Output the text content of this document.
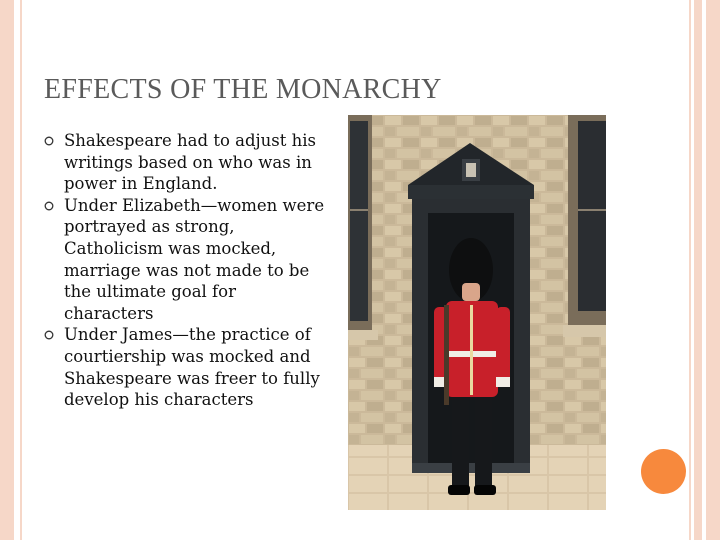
EFFECTS OF THE MONARCHY
Shakespeare had to adjust his writings based on who was in power in England.
Under Elizabeth—women were portrayed as strong, Catholicism was mocked, marriage was not made to be the ultimate goal for characters
Under James—the practice of courtiership was mocked and Shakespeare was freer to fully develop his characters
